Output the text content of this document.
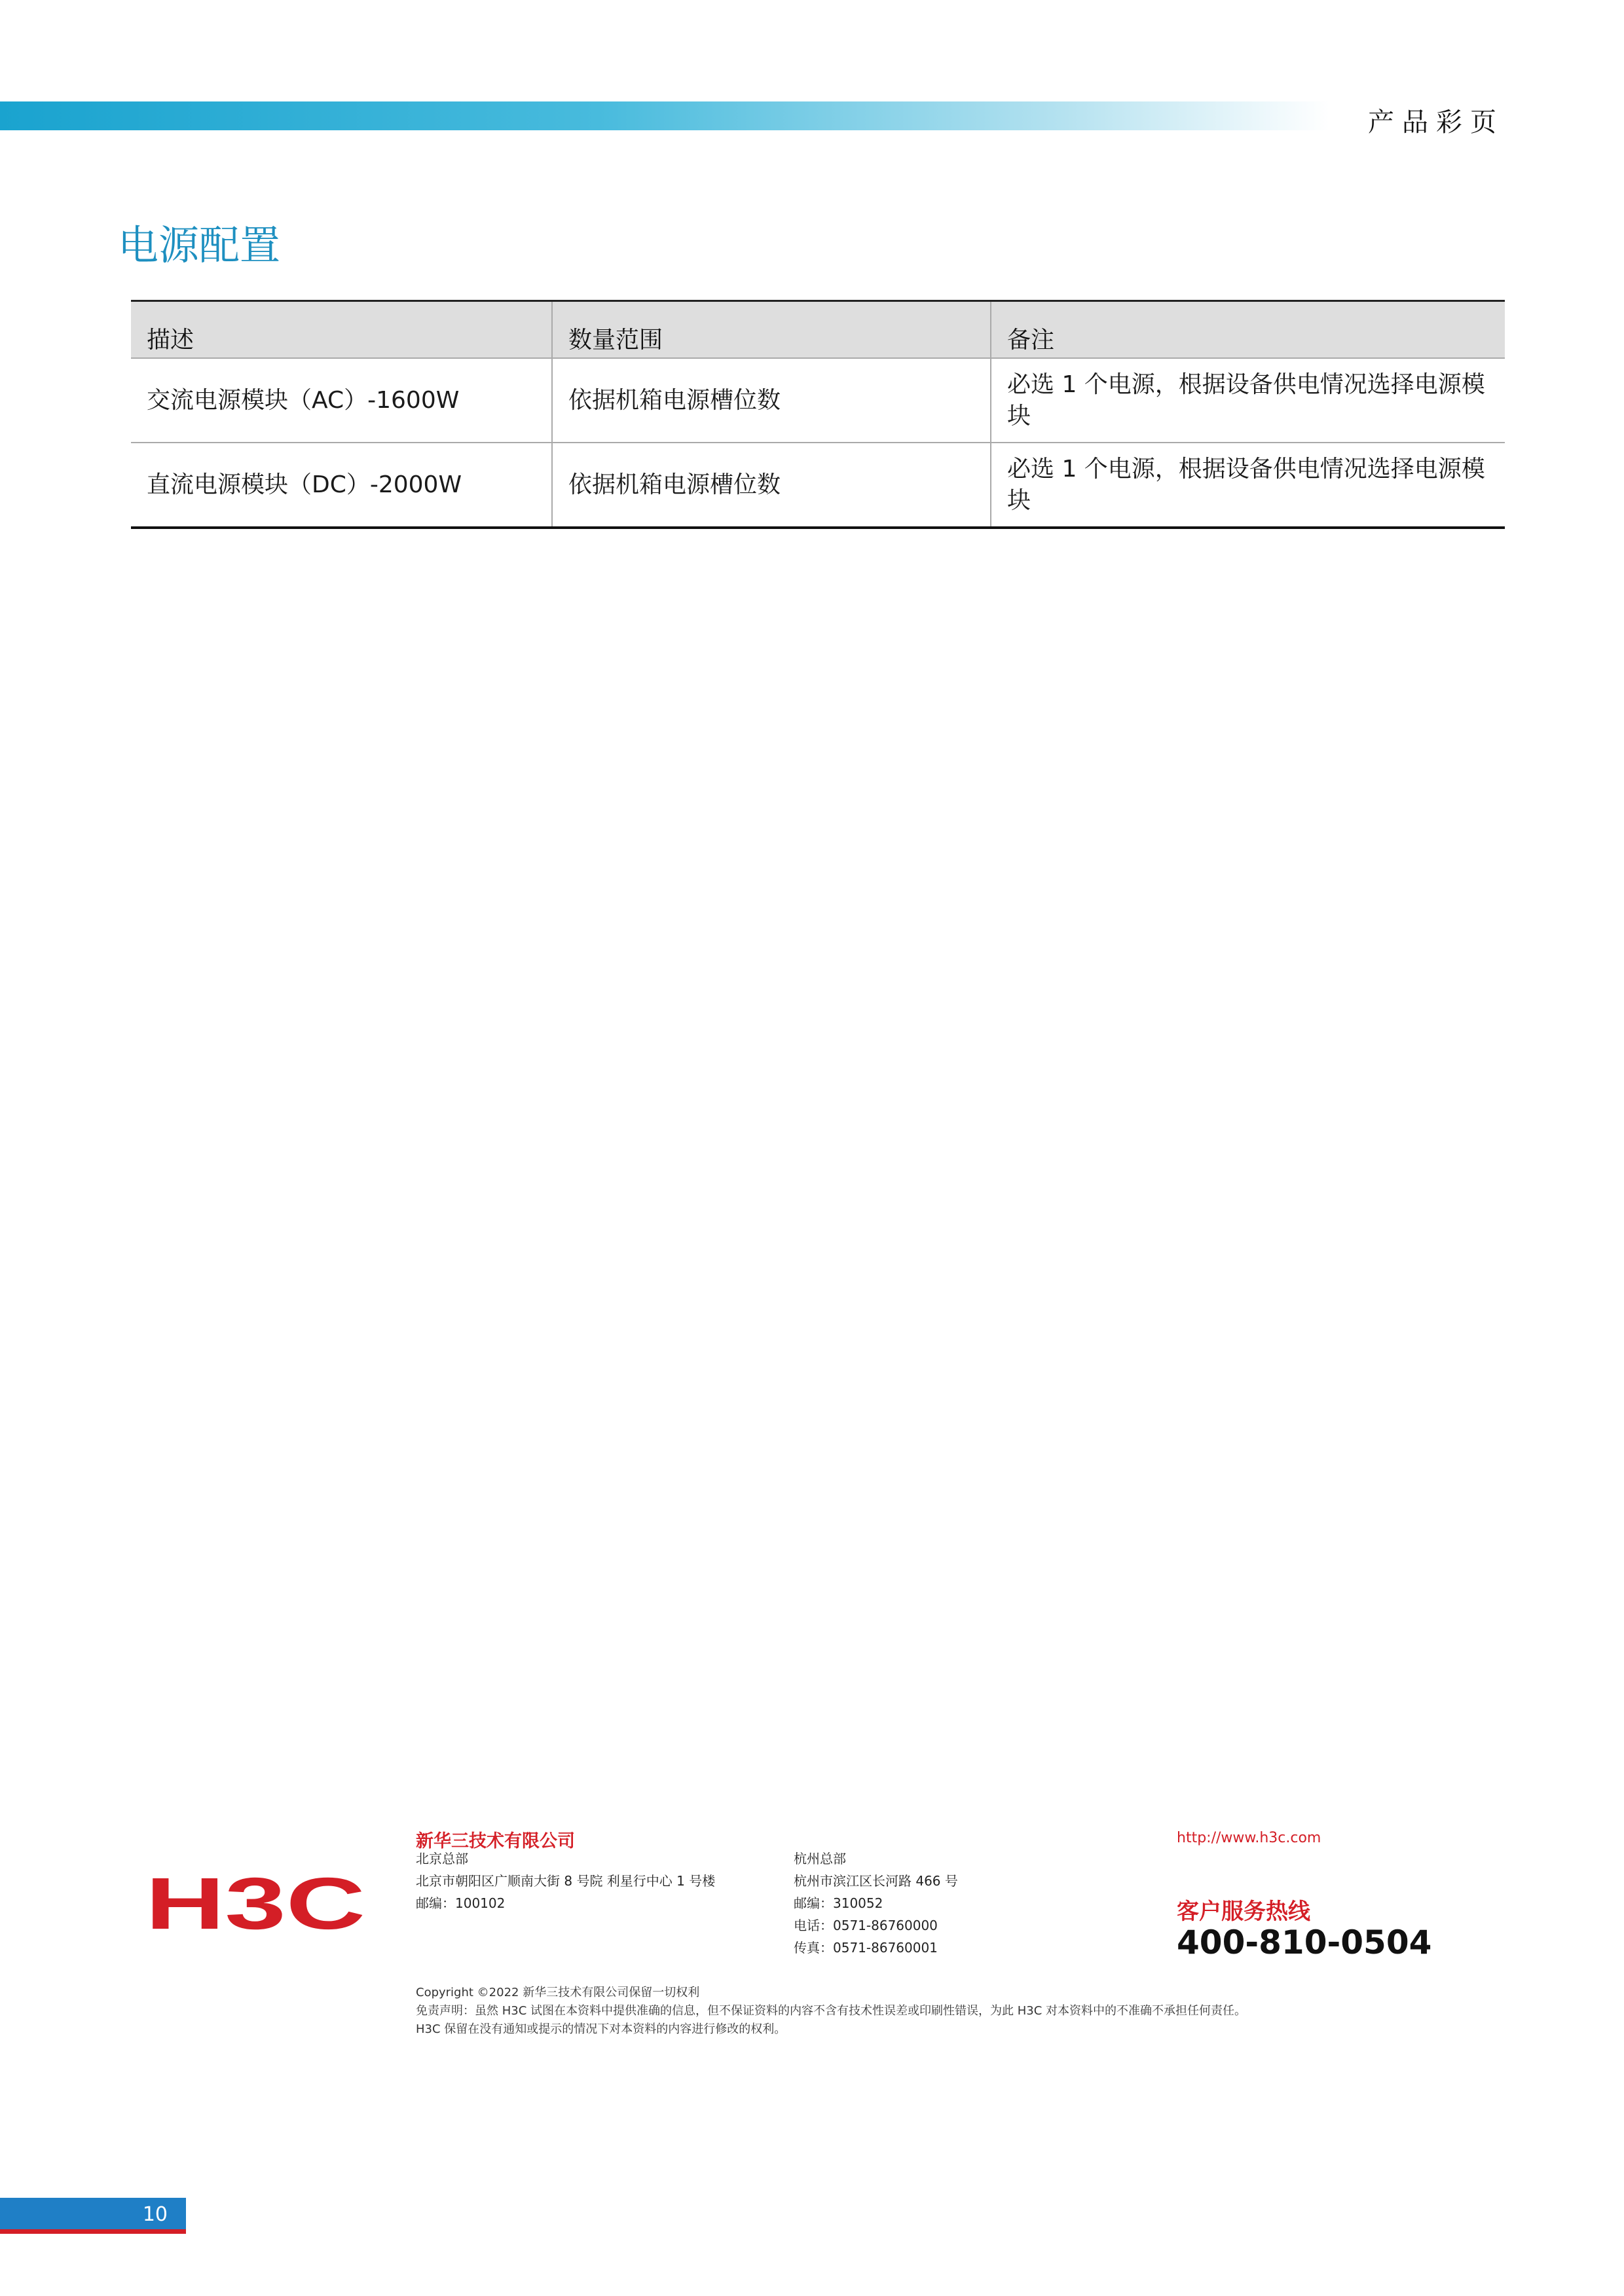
产品彩页
电源配置
描述	数量范围	备注
交流电源模块（AC）-1600W	依据机箱电源槽位数	必选 1 个电源，根据设备供电情况选择电源模块
直流电源模块（DC）-2000W	依据机箱电源槽位数	必选 1 个电源，根据设备供电情况选择电源模块
H3C
新华三技术有限公司
北京总部
北京市朝阳区广顺南大街 8 号院 利星行中心 1 号楼
邮编：100102
杭州总部
杭州市滨江区长河路 466 号
邮编：310052
电话：0571-86760000
传真：0571-86760001
http://www.h3c.com
客户服务热线
400-810-0504
Copyright ©2022 新华三技术有限公司保留一切权利
免责声明：虽然 H3C 试图在本资料中提供准确的信息，但不保证资料的内容不含有技术性误差或印刷性错误，为此 H3C 对本资料中的不准确不承担任何责任。
H3C 保留在没有通知或提示的情况下对本资料的内容进行修改的权利。
10
